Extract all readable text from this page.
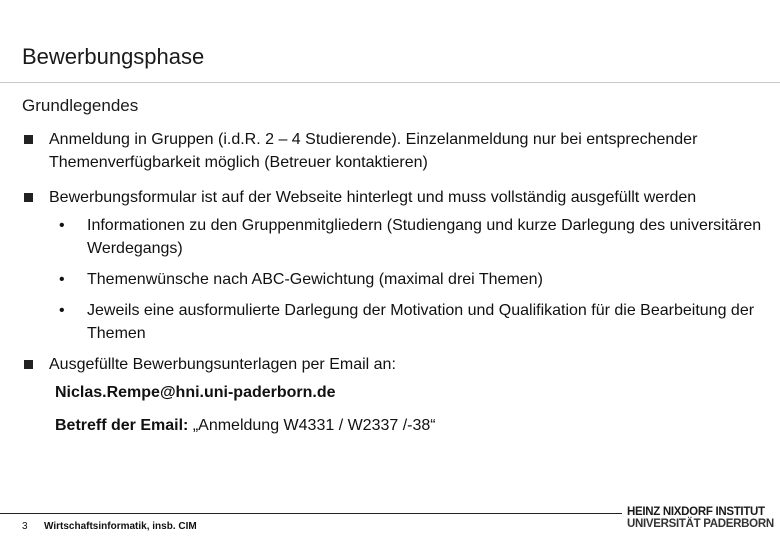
Bewerbungsphase
Grundlegendes
Anmeldung in Gruppen (i.d.R. 2 – 4 Studierende). Einzelanmeldung nur bei entsprechender Themenverfügbarkeit möglich (Betreuer kontaktieren)
Bewerbungsformular ist auf der Webseite hinterlegt und muss vollständig ausgefüllt werden
• Informationen zu den Gruppenmitgliedern (Studiengang und kurze Darlegung des universitären Werdegangs)
• Themenwünsche nach ABC-Gewichtung (maximal drei Themen)
• Jeweils eine ausformulierte Darlegung der Motivation und Qualifikation für die Bearbeitung der Themen
Ausgefüllte Bewerbungsunterlagen per Email an:
Niclas.Rempe@hni.uni-paderborn.de
Betreff der Email: „Anmeldung W4331 / W2337 /-38“
3 Wirtschaftsinformatik, insb. CIM
HEINZ NIXDORF INSTITUT
UNIVERSITÄT PADERBORN
